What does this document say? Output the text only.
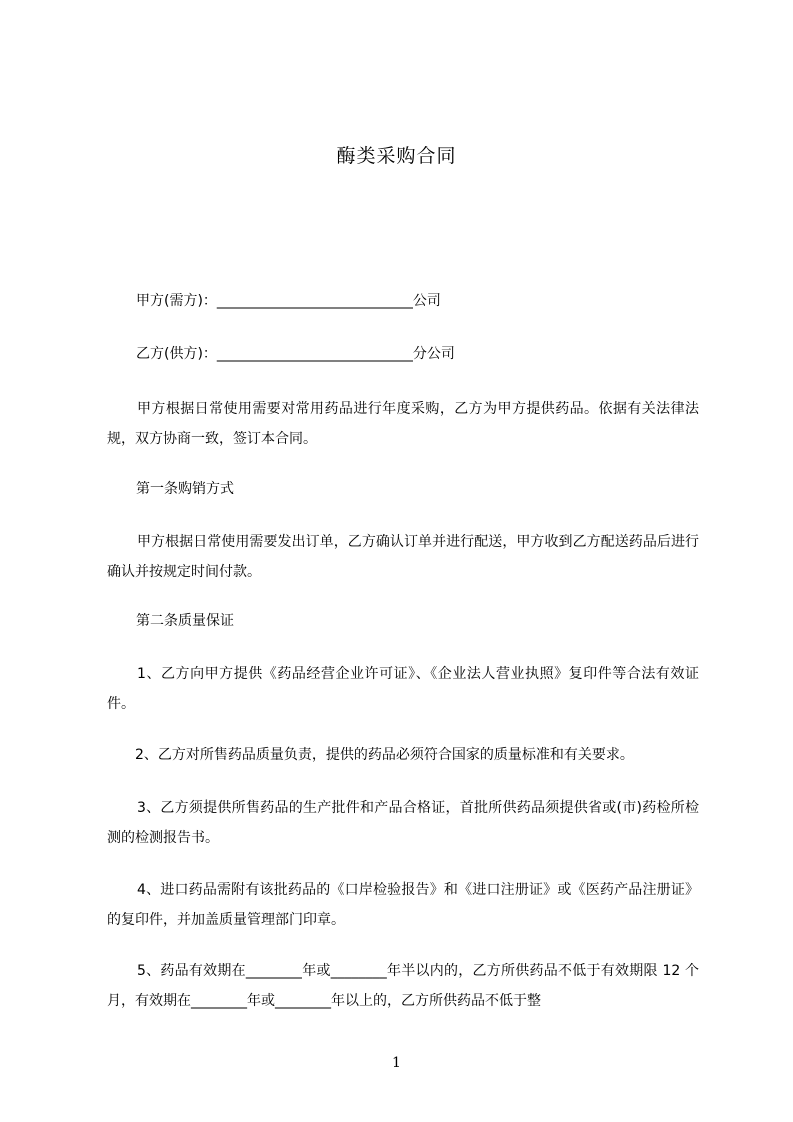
酶类采购合同
甲方(需方)：____________________________公司
乙方(供方)：____________________________分公司
甲方根据日常使用需要对常用药品进行年度采购，乙方为甲方提供药品。依据有关法律法规，双方协商一致，签订本合同。
第一条购销方式
甲方根据日常使用需要发出订单，乙方确认订单并进行配送，甲方收到乙方配送药品后进行确认并按规定时间付款。
第二条质量保证
1、乙方向甲方提供《药品经营企业许可证》、《企业法人营业执照》复印件等合法有效证件。
2、乙方对所售药品质量负责，提供的药品必须符合国家的质量标准和有关要求。
3、乙方须提供所售药品的生产批件和产品合格证，首批所供药品须提供省或(市)药检所检测的检测报告书。
4、进口药品需附有该批药品的《口岸检验报告》和《进口注册证》或《医药产品注册证》的复印件，并加盖质量管理部门印章。
5、药品有效期在________年或________年半以内的，乙方所供药品不低于有效期限 12 个月，有效期在________年或________年以上的，乙方所供药品不低于整
1
